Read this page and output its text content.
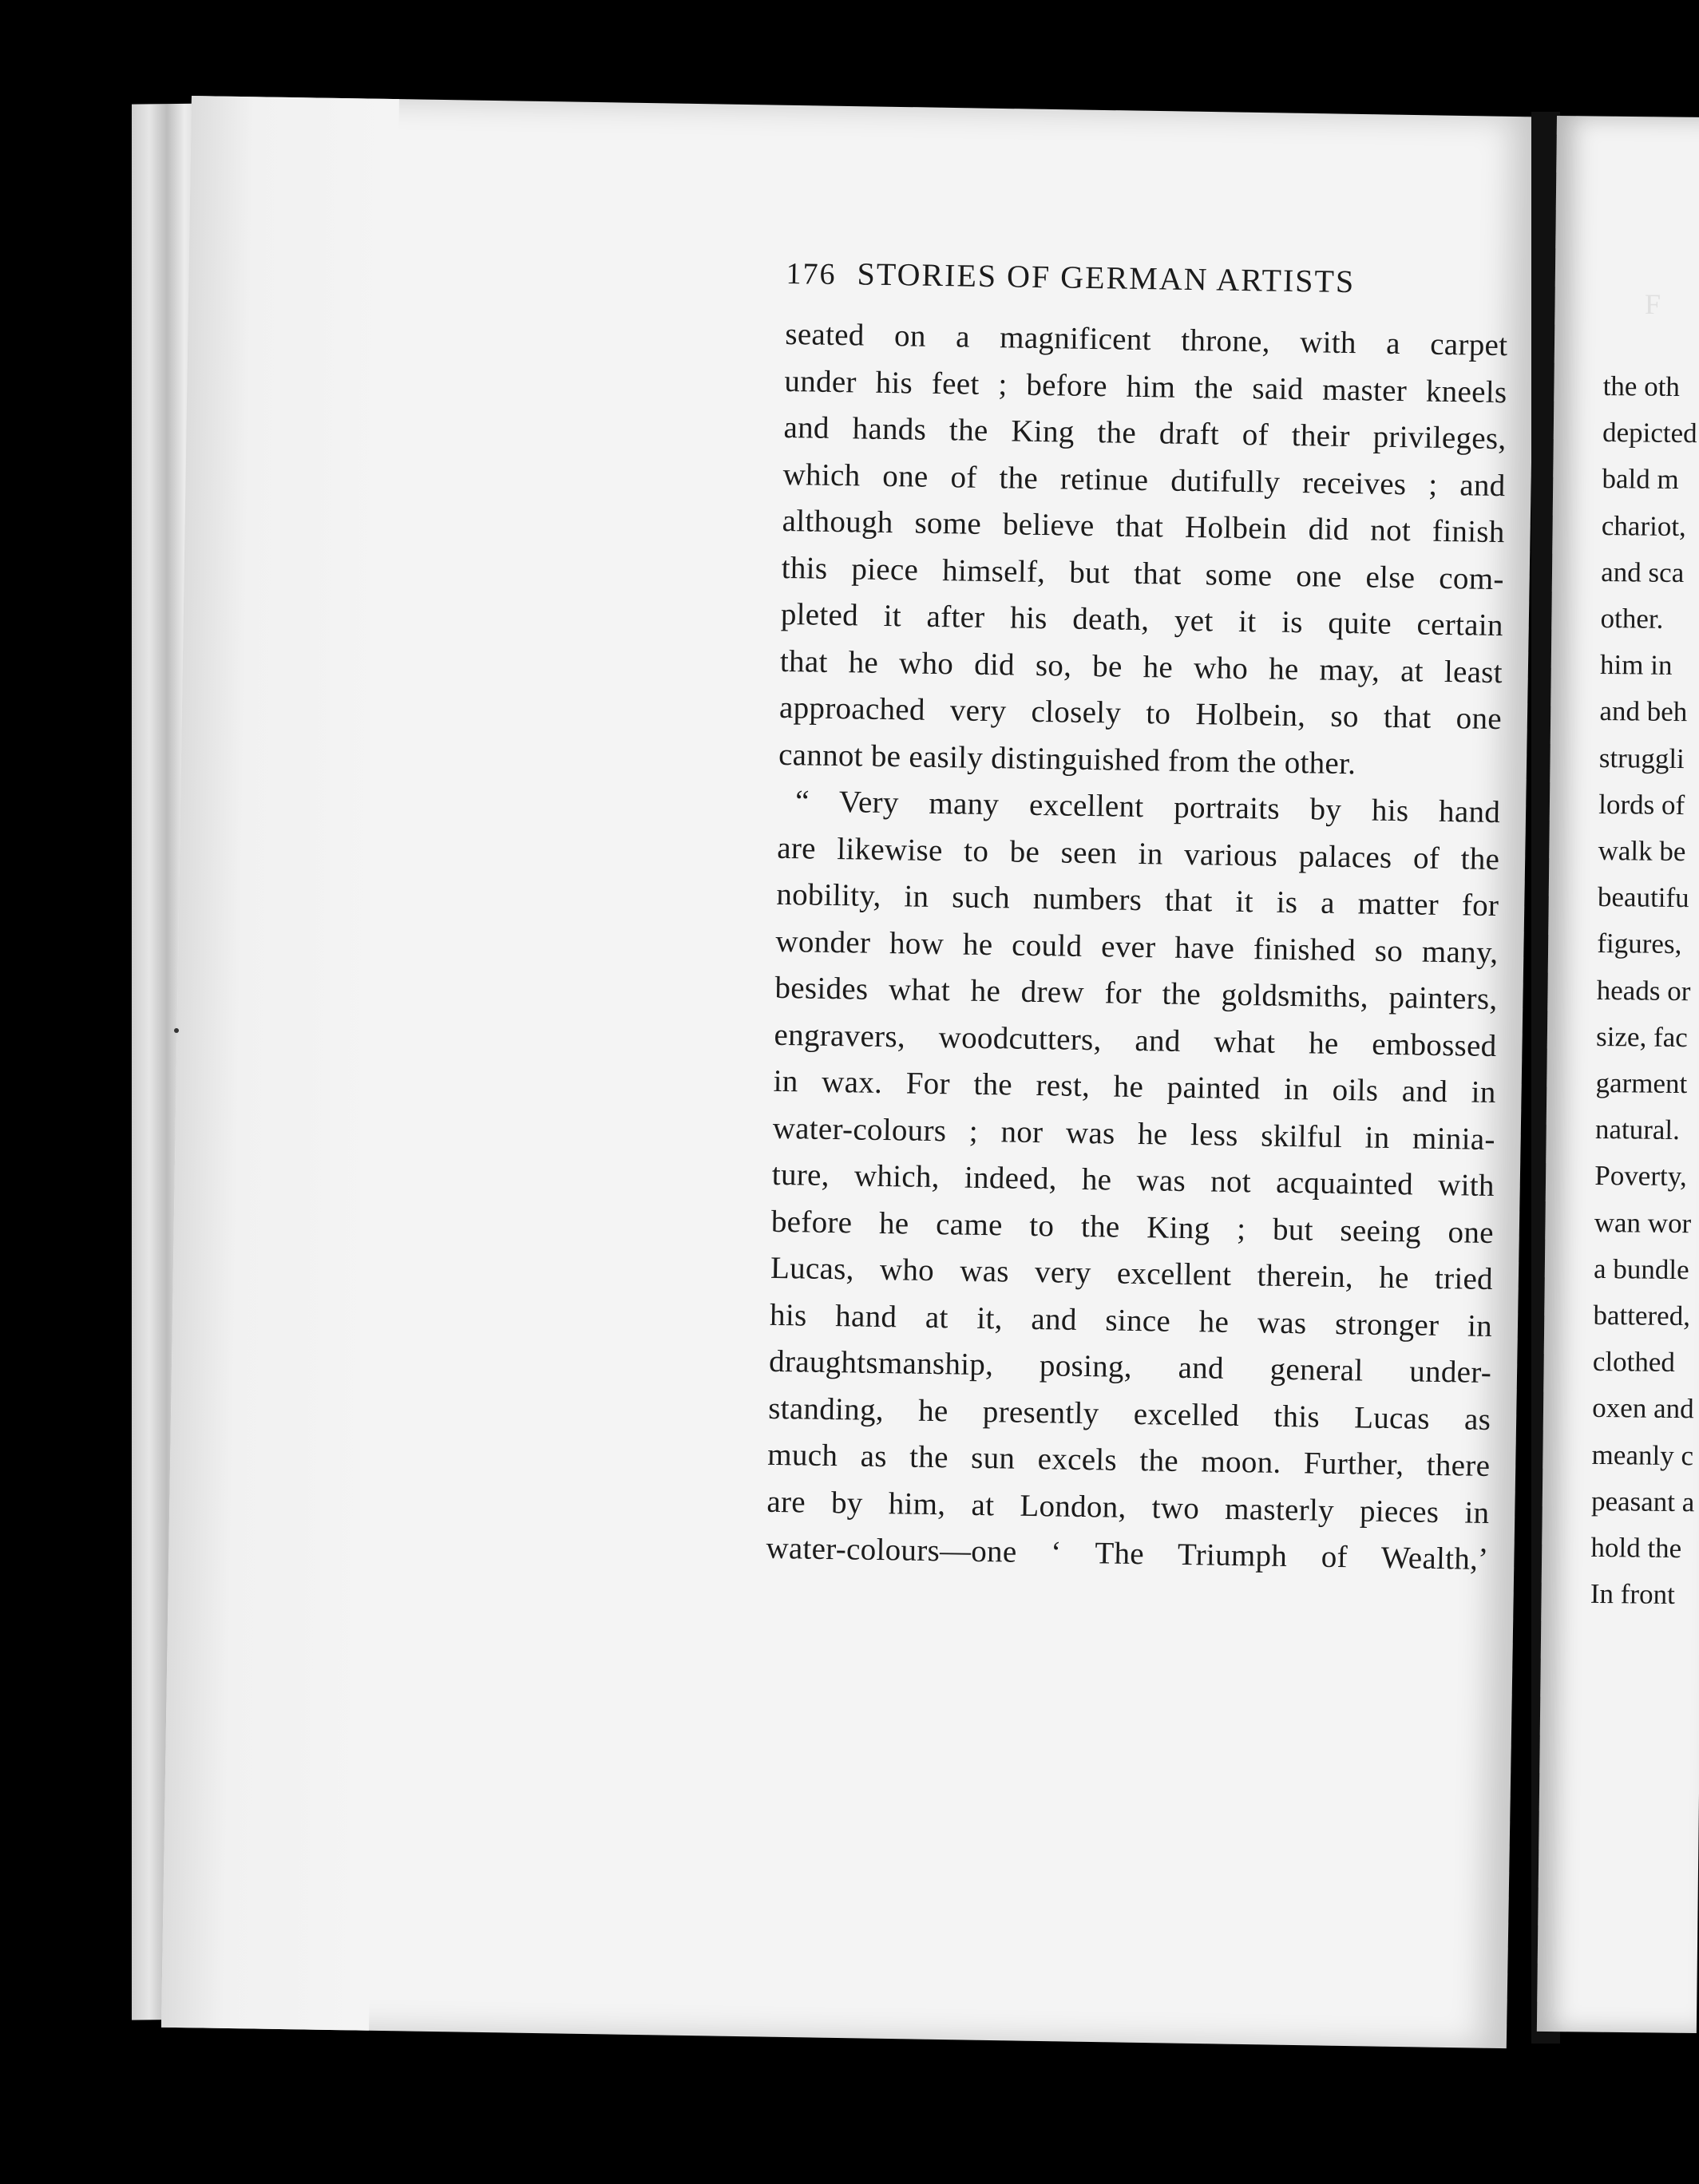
176 STORIES OF GERMAN ARTISTS
seated on a magnificent throne, with a carpet
under his feet ; before him the said master kneels
and hands the King the draft of their privileges,
which one of the retinue dutifully receives ; and
although some believe that Holbein did not finish
this piece himself, but that some one else com-
pleted it after his death, yet it is quite certain
that he who did so, be he who he may, at least
approached very closely to Holbein, so that one
cannot be easily distinguished from the other.
“ Very many excellent portraits by his hand
are likewise to be seen in various palaces of the
nobility, in such numbers that it is a matter for
wonder how he could ever have finished so many,
besides what he drew for the goldsmiths, painters,
engravers, woodcutters, and what he embossed
in wax. For the rest, he painted in oils and in
water-colours ; nor was he less skilful in minia-
ture, which, indeed, he was not acquainted with
before he came to the King ; but seeing one
Lucas, who was very excellent therein, he tried
his hand at it, and since he was stronger in
draughtsmanship, posing, and general under-
standing, he presently excelled this Lucas as
much as the sun excels the moon. Further, there
are by him, at London, two masterly pieces in
water-colours—one ‘ The Triumph of Wealth,’
F
the oth
depicted
bald m
chariot,
and sca
other.
him in
and beh
struggli
lords of
walk be
beautifu
figures,
heads or
size, fac
garment
natural.
Poverty,
wan wor
a bundle
battered,
clothed
oxen and
meanly c
peasant a
hold the
In front
